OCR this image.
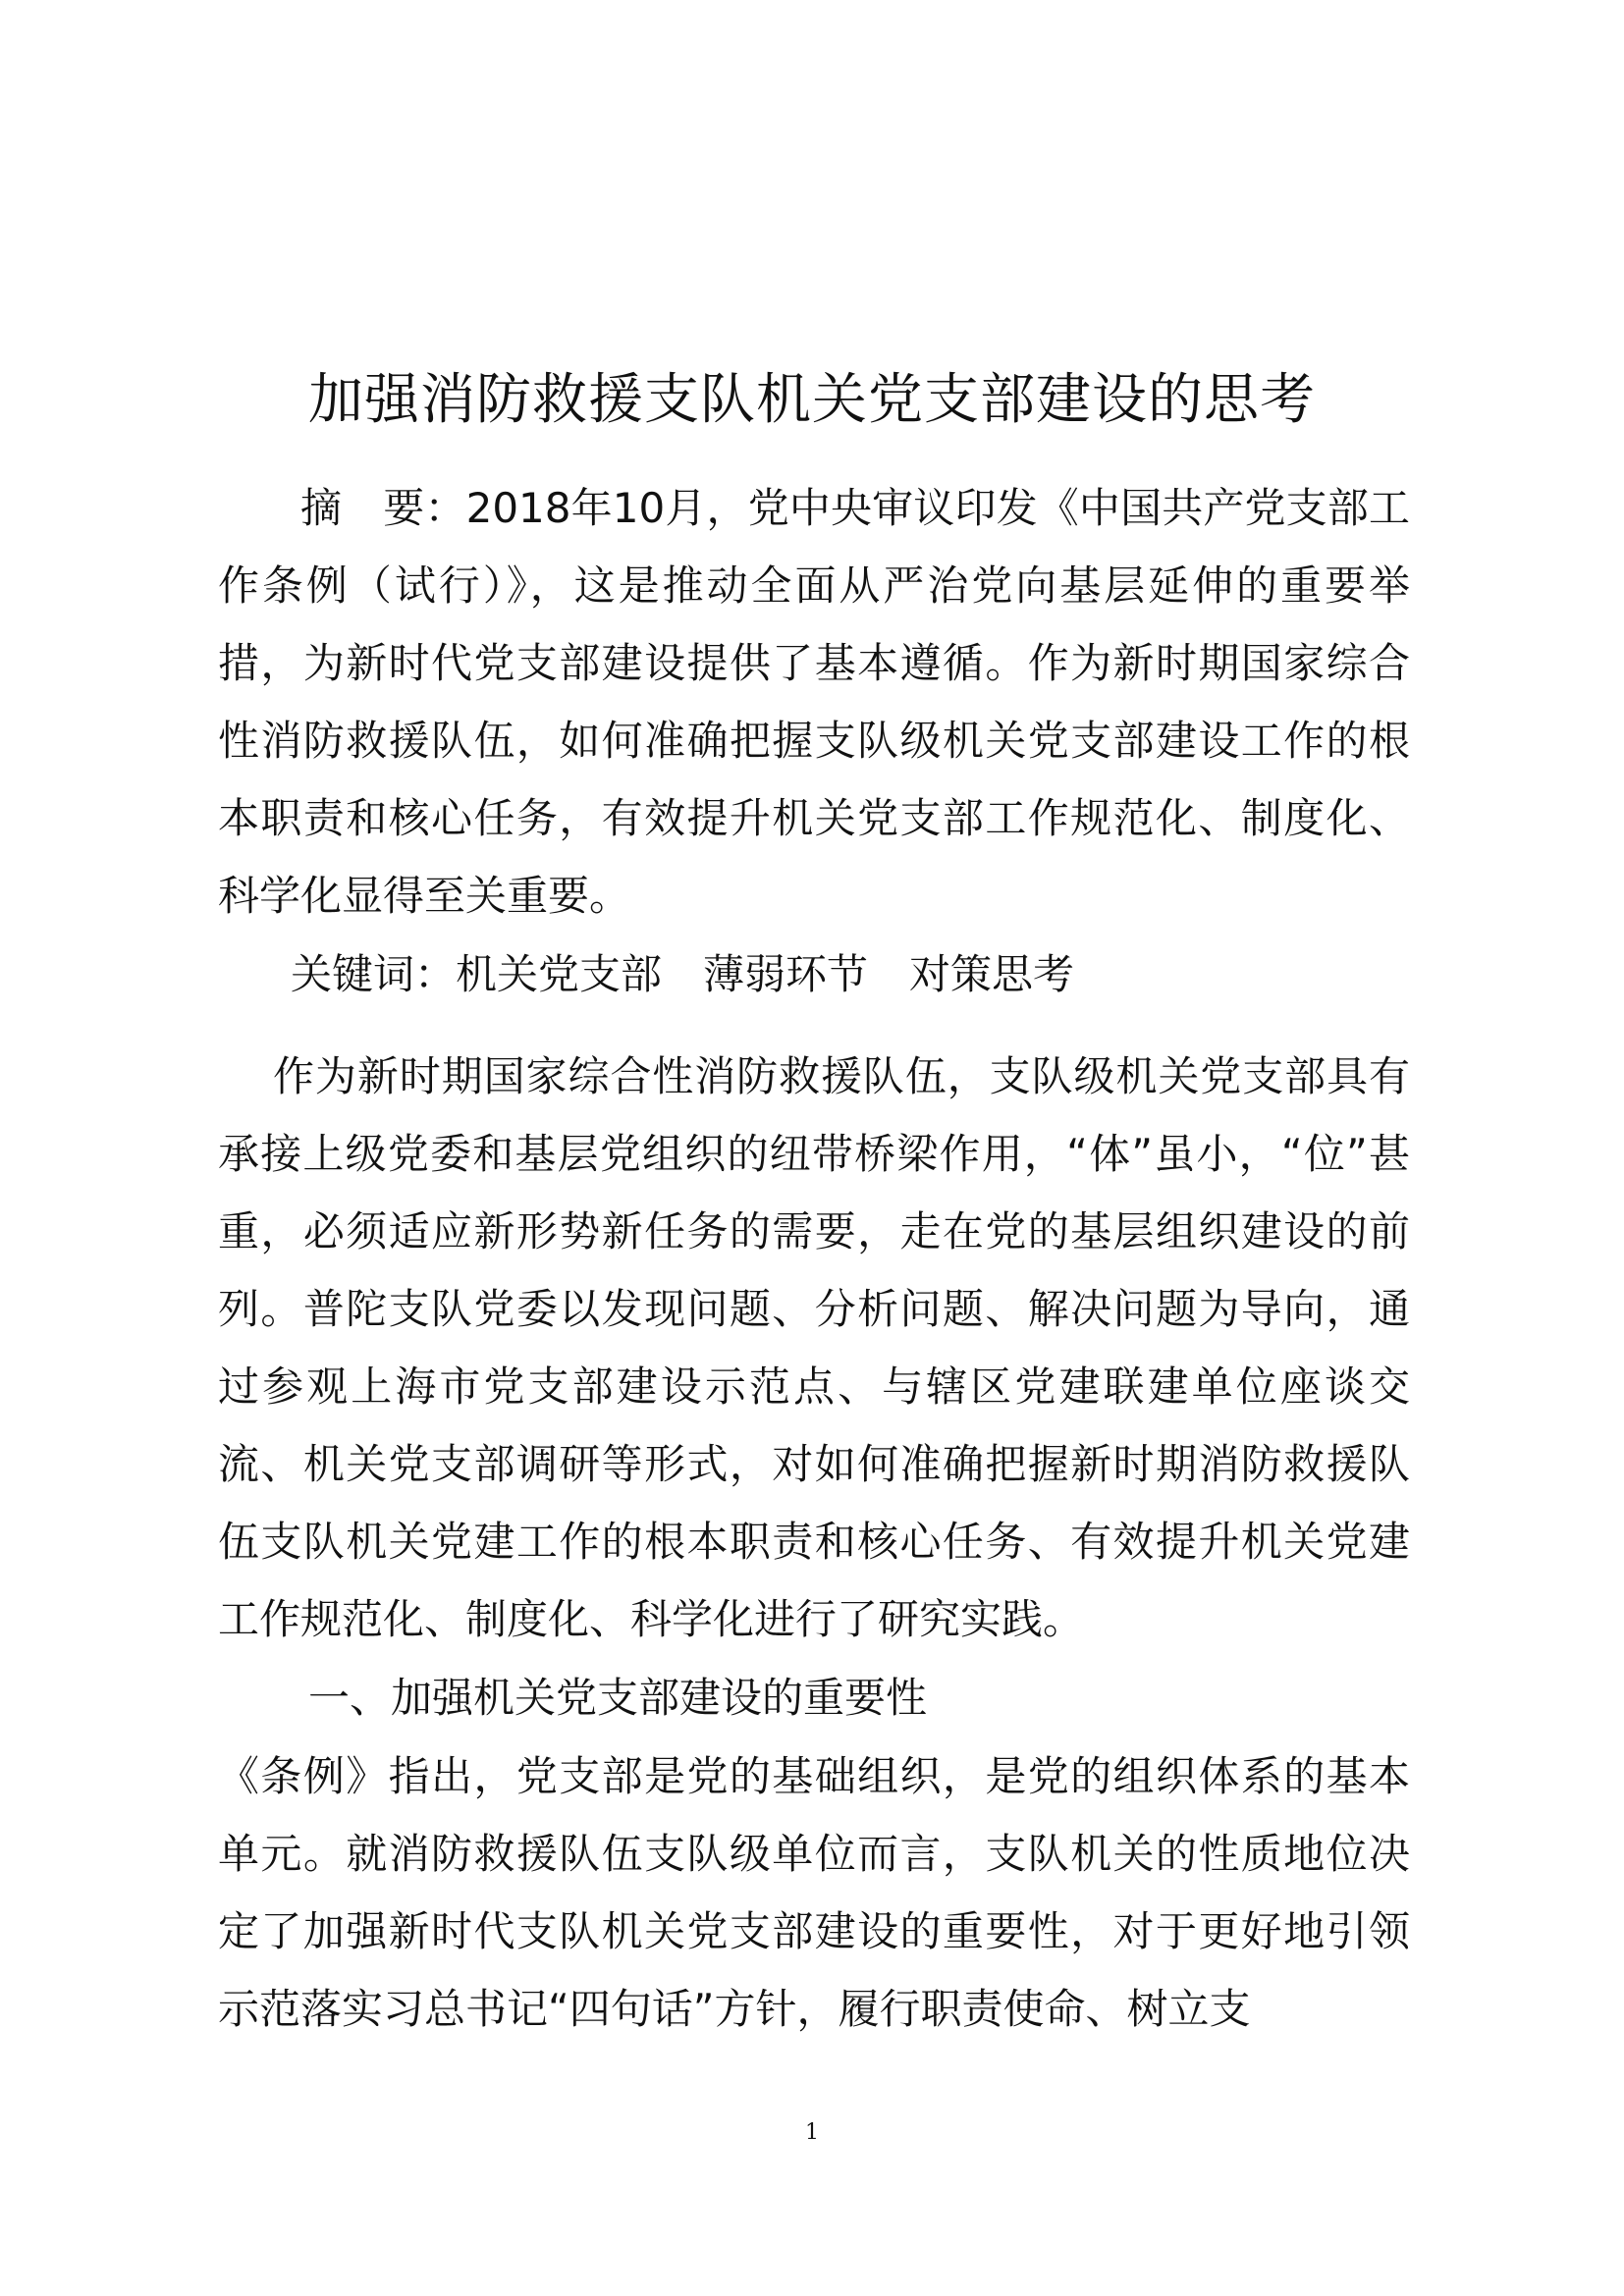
加强消防救援支队机关党支部建设的思考

摘　要：2018年10月，党中央审议印发《中国共产党支部工作条例（试行）》，这是推动全面从严治党向基层延伸的重要举措，为新时代党支部建设提供了基本遵循。作为新时期国家综合性消防救援队伍，如何准确把握支队级机关党支部建设工作的根本职责和核心任务，有效提升机关党支部工作规范化、制度化、科学化显得至关重要。

关键词：机关党支部 薄弱环节 对策思考

作为新时期国家综合性消防救援队伍，支队级机关党支部具有承接上级党委和基层党组织的纽带桥梁作用，“体”虽小，“位”甚重，必须适应新形势新任务的需要，走在党的基层组织建设的前列。普陀支队党委以发现问题、分析问题、解决问题为导向，通过参观上海市党支部建设示范点、与辖区党建联建单位座谈交流、机关党支部调研等形式，对如何准确把握新时期消防救援队伍支队机关党建工作的根本职责和核心任务、有效提升机关党建工作规范化、制度化、科学化进行了研究实践。

一、加强机关党支部建设的重要性

《条例》指出，党支部是党的基础组织，是党的组织体系的基本单元。就消防救援队伍支队级单位而言，支队机关的性质地位决定了加强新时代支队机关党支部建设的重要性，对于更好地引领示范落实习总书记“四句话”方针，履行职责使命、树立支

1
